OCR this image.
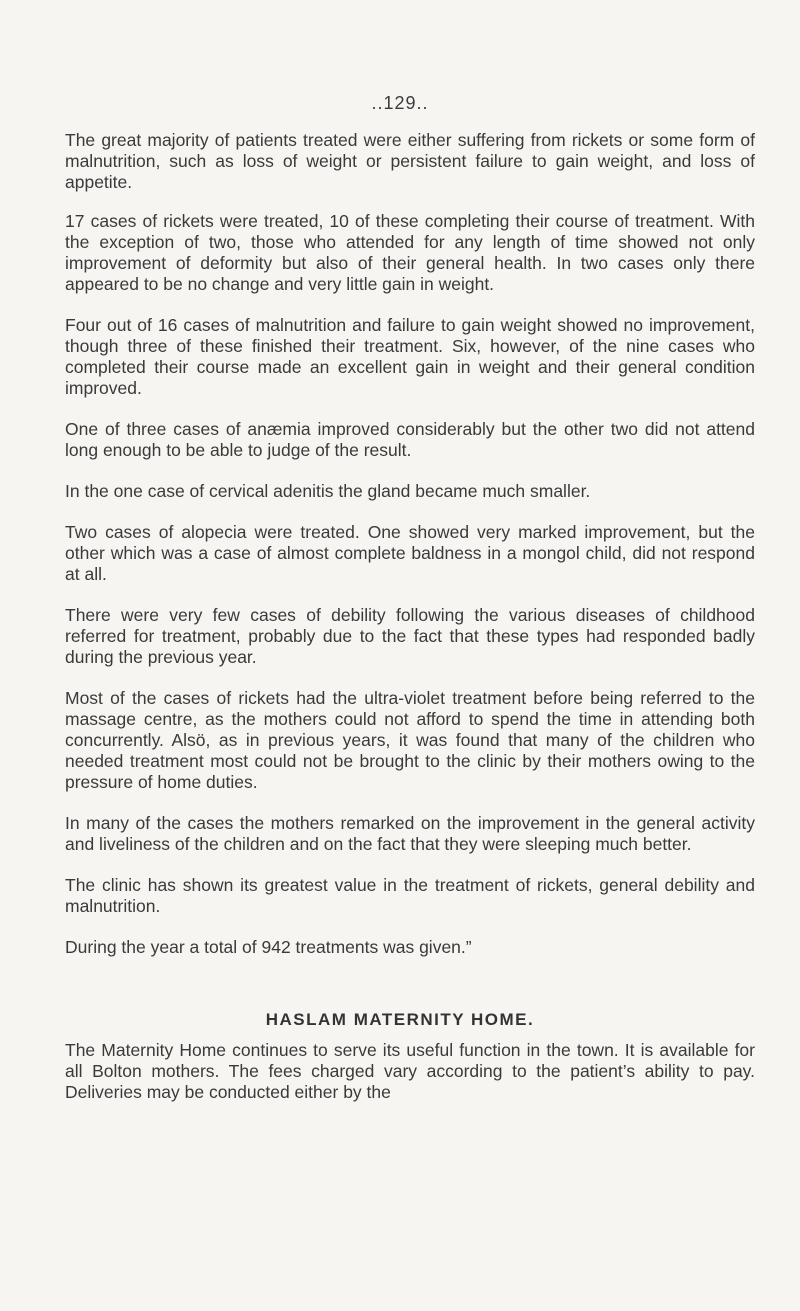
..129..

The great majority of patients treated were either suffering from rickets or some form of malnutrition, such as loss of weight or persistent failure to gain weight, and loss of appetite.

17 cases of rickets were treated, 10 of these completing their course of treatment. With the exception of two, those who attended for any length of time showed not only improvement of deformity but also of their general health. In two cases only there appeared to be no change and very little gain in weight.

Four out of 16 cases of malnutrition and failure to gain weight showed no improvement, though three of these finished their treatment. Six, however, of the nine cases who completed their course made an excellent gain in weight and their general condition improved.

One of three cases of anæmia improved considerably but the other two did not attend long enough to be able to judge of the result.

In the one case of cervical adenitis the gland became much smaller.

Two cases of alopecia were treated. One showed very marked improvement, but the other which was a case of almost complete baldness in a mongol child, did not respond at all.

There were very few cases of debility following the various diseases of childhood referred for treatment, probably due to the fact that these types had responded badly during the previous year.

Most of the cases of rickets had the ultra-violet treatment before being referred to the massage centre, as the mothers could not afford to spend the time in attending both concurrently. Alsö, as in previous years, it was found that many of the children who needed treatment most could not be brought to the clinic by their mothers owing to the pressure of home duties.

In many of the cases the mothers remarked on the improvement in the general activity and liveliness of the children and on the fact that they were sleeping much better.

The clinic has shown its greatest value in the treatment of rickets, general debility and malnutrition.

During the year a total of 942 treatments was given.”

HASLAM MATERNITY HOME.

The Maternity Home continues to serve its useful function in the town. It is available for all Bolton mothers. The fees charged vary according to the patient’s ability to pay. Deliveries may be conducted either by the
